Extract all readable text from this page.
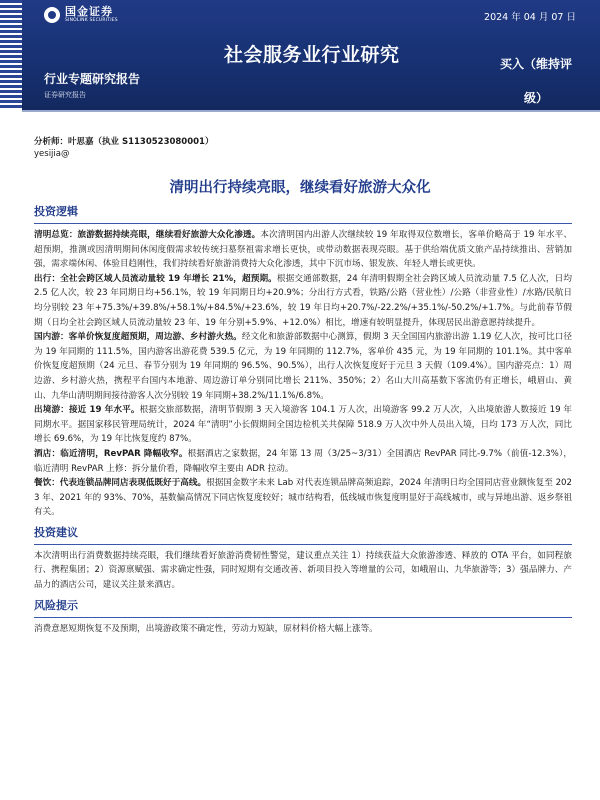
国金证券
SINOLINK SECURITIES	2024 年 04 月 07 日
社会服务业行业研究	买入（维持评级）
行业专题研究报告
证券研究报告
分析师：叶思嘉（执业 S1130523080001）
yesijia@
清明出行持续亮眼，继续看好旅游大众化
投资逻辑

清明总览：旅游数据持续亮眼，继续看好旅游大众化渗透。本次清明国内出游人次继续较 19 年取得双位数增长，客单价略高于 19 年水平、超预期，推测或因清明期间休闲度假需求较传统扫墓祭祖需求增长更快，或带动数据表现亮眼。基于供给端优质文旅产品持续推出、营销加强，需求端休闲、体验目趋刚性，我们持续看好旅游消费持大众化渗透，其中下沉市场、银发族、年轻人增长或更快。

出行：全社会跨区域人员流动量较 19 年增长 21%，超预期。根据交通部数据，24 年清明假期全社会跨区域人员流动量 7.5 亿人次，日均 2.5 亿人次，较 23 年同期日均+56.1%，较 19 年同期日均+20.9%；分出行方式看，铁路/公路（营业性）/公路（非营业性）/水路/民航日均分别较 23 年+75.3%/+39.8%/+58.1%/+84.5%/+23.6%，较 19 年日均+20.7%/-22.2%/+35.1%/-50.2%/+1.7%。与此前春节假期（日均全社会跨区域人员流动量较 23 年、19 年分别+5.9%、+12.0%）相比，增速有较明显提升，体现居民出游意愿持续提升。

国内游：客单价恢复度超预期，周边游、乡村游火热。经文化和旅游部数据中心测算，假期 3 天全国国内旅游出游 1.19 亿人次，按可比口径为 19 年同期的 111.5%，国内游客出游花费 539.5 亿元，为 19 年同期的 112.7%，客单价 435 元，为 19 年同期的 101.1%。其中客单价恢复度超预期（24 元旦、春节分别为 19 年同期的 96.5%、90.5%），出行人次恢复度好于元旦 3 天假（109.4%）。国内游亮点：1）周边游、乡村游火热，携程平台国内本地游、周边游订单分别同比增长 211%、350%；2）名山大川高基数下客流仍有正增长，峨眉山、黄山、九华山清明期间接待游客人次分别较 19 年同期+38.2%/11.1%/6.8%。

出境游：接近 19 年水平。根据交旅部数据，清明节假期 3 天入境游客 104.1 万人次，出境游客 99.2 万人次，入出境旅游人数接近 19 年同期水平。据国家移民管理局统计，2024 年“清明”小长假期间全国边检机关共保障 518.9 万人次中外人员出入境，日均 173 万人次，同比增长 69.6%，为 19 年比恢复度约 87%。

酒店：临近清明，RevPAR 降幅收窄。根据酒店之家数据，24 年第 13 周（3/25~3/31）全国酒店 RevPAR 同比-9.7%（前值-12.3%），临近清明 RevPAR 上修：拆分量价看，降幅收窄主要由 ADR 拉动。

餐饮：代表连锁品牌同店表现低既好于高线。根据国金数字未来 Lab 对代表连锁品牌高频追踪，2024 年清明日均全国同店营业额恢复至 2023 年、2021 年的 93%、70%，基数偏高情况下同店恢复度较好；城市结构看，低线城市恢复度明显好于高线城市，或与异地出游、返乡祭祖有关。

投资建议

本次清明出行消费数据持续亮眼，我们继续看好旅游消费韧性警觉，建议重点关注 1）持续获益大众旅游渗透、释放的 OTA 平台，如同程旅行、携程集团；2）资源禀赋强、需求确定性强，同时短期有交通改善、新项目投入等增量的公司，如峨眉山、九华旅游等；3）强品牌力、产品力的酒店公司，建议关注景来酒店。

风险提示

消费意愿短期恢复不及预期，出境游政策不确定性，劳动力短缺，原材料价格大幅上涨等。
